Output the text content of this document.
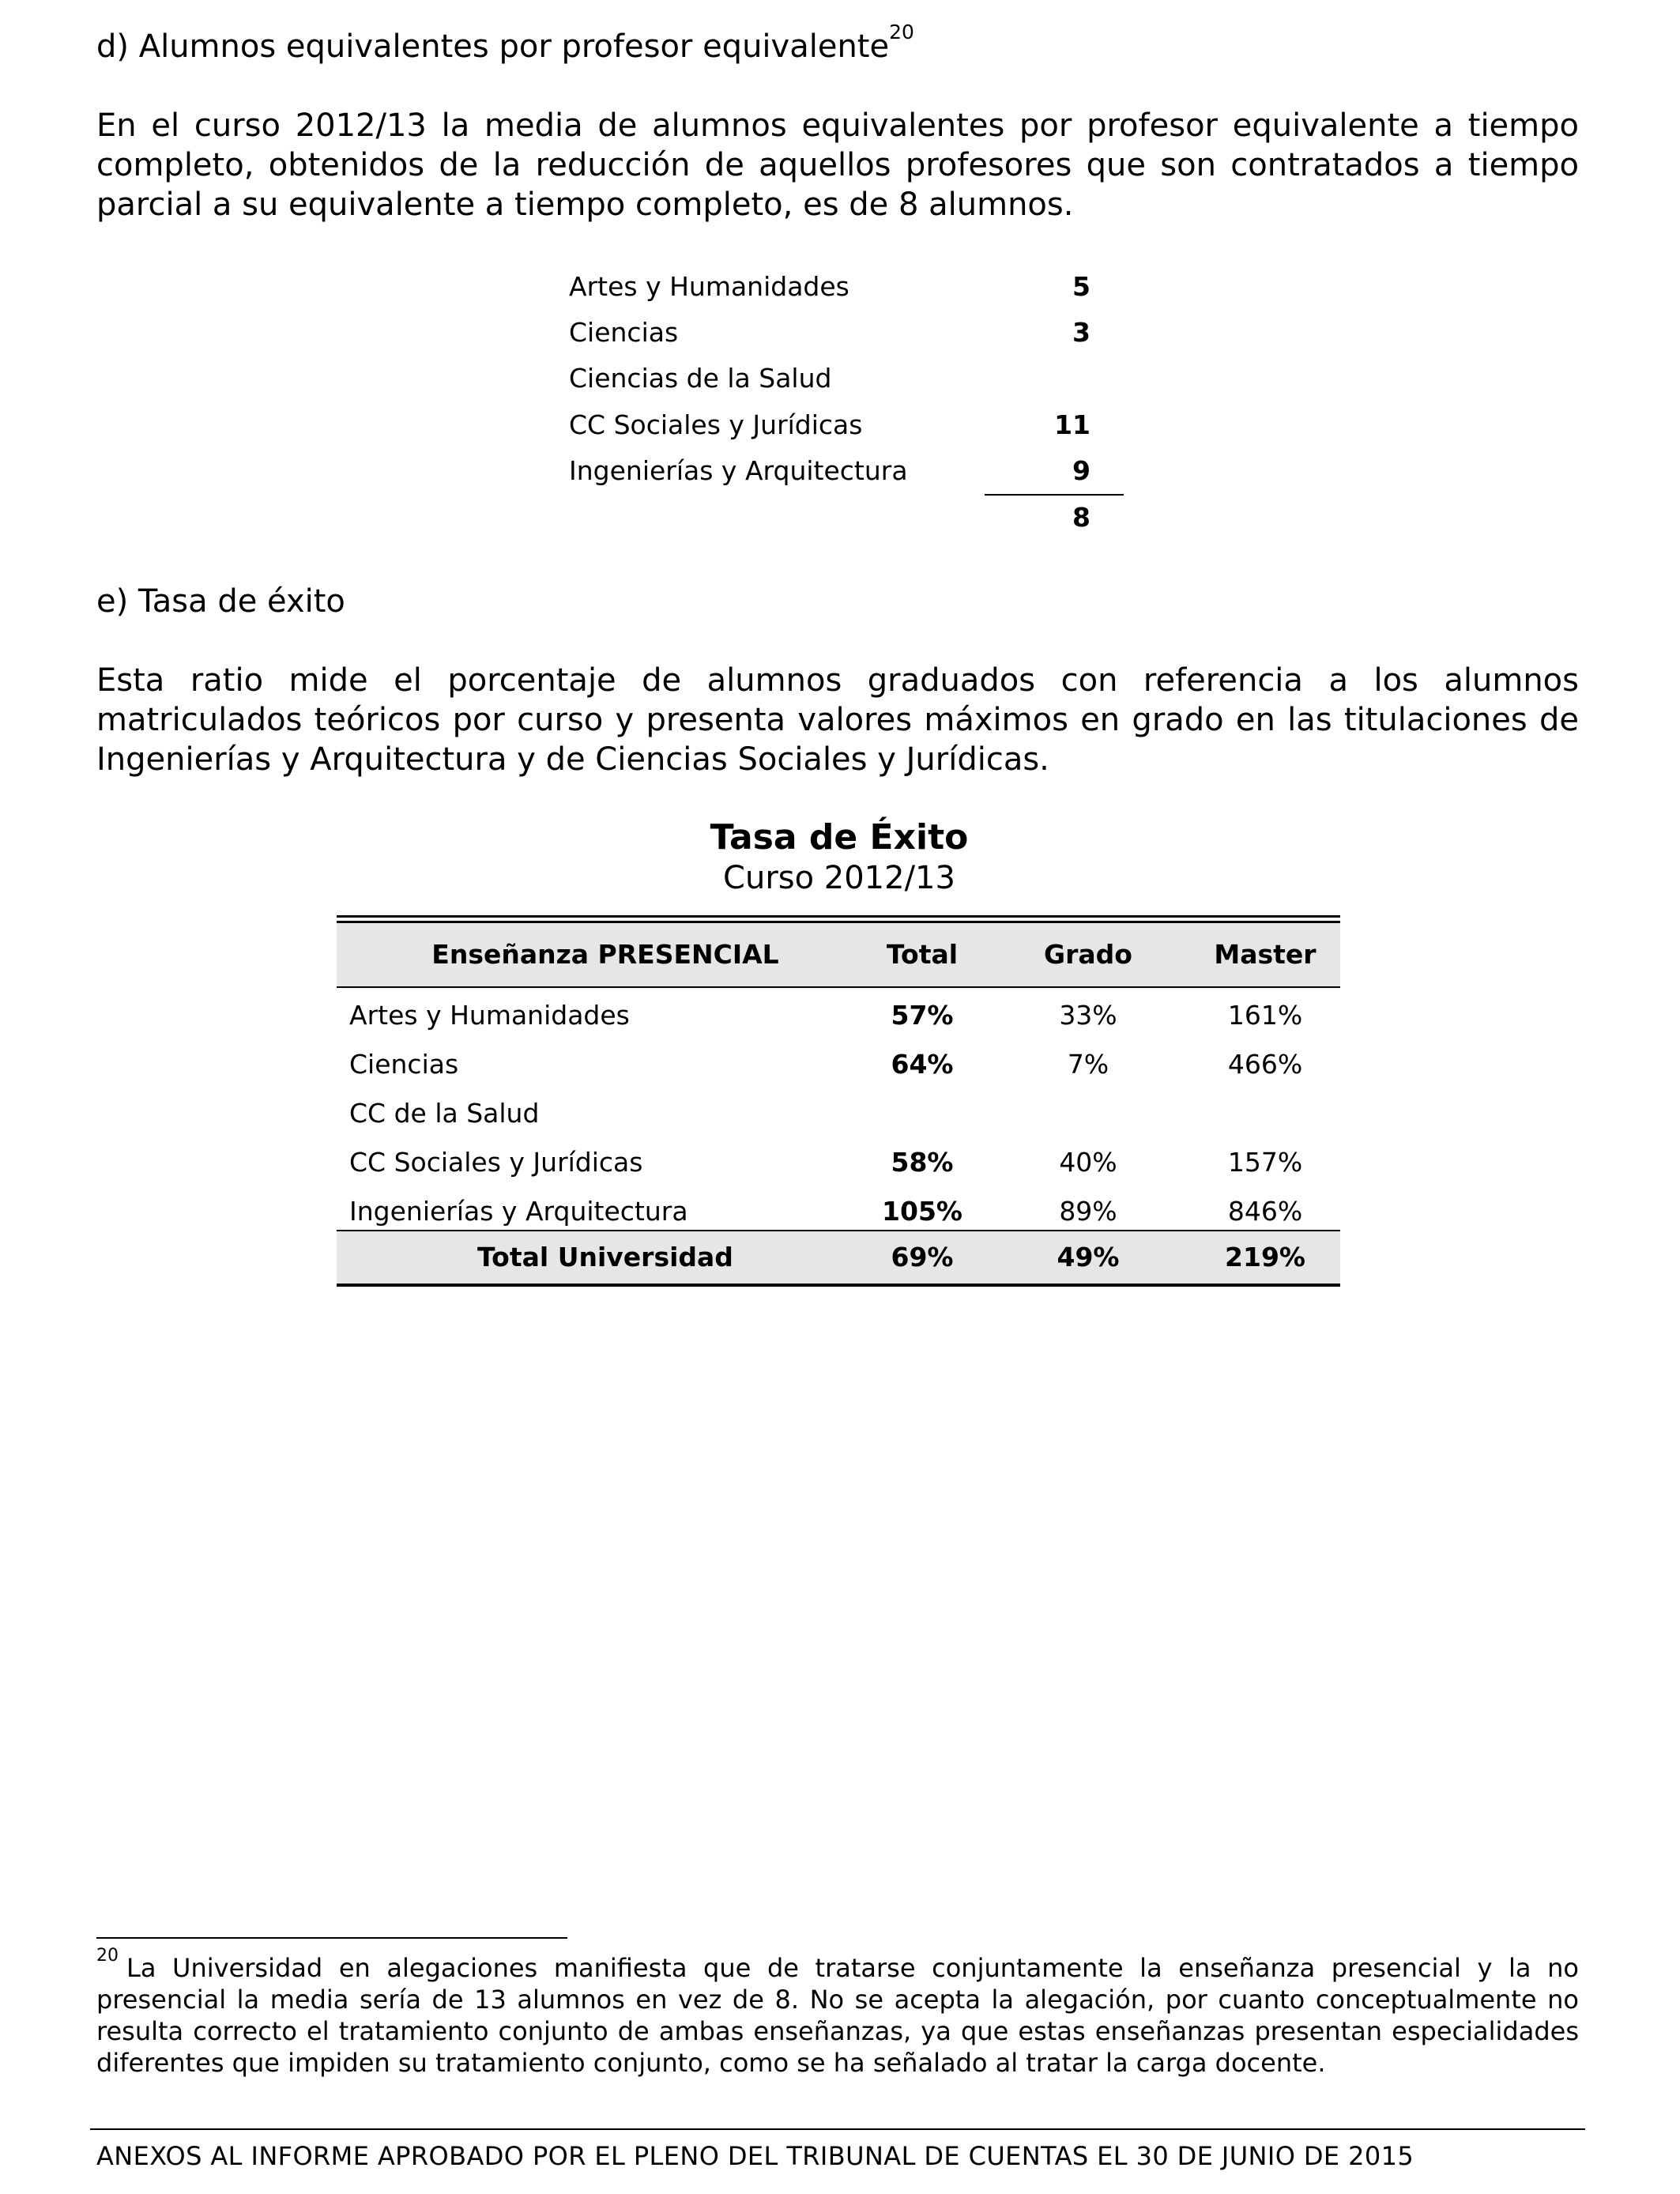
d) Alumnos equivalentes por profesor equivalente$^{20}$
En el curso 2012/13 la media de alumnos equivalentes por profesor equivalente a tiempo completo, obtenidos de la reducción de aquellos profesores que son contratados a tiempo parcial a su equivalente a tiempo completo, es de 8 alumnos.
Artes y Humanidades	5
Ciencias	3
Ciencias de la Salud
CC Sociales y Jurídicas	11
Ingenierías y Arquitectura	9
8
e) Tasa de éxito
Esta ratio mide el porcentaje de alumnos graduados con referencia a los alumnos matriculados teóricos por curso y presenta valores máximos en grado en las titulaciones de Ingenierías y Arquitectura y de Ciencias Sociales y Jurídicas.
Tasa de Éxito
Curso 2012/13
Enseñanza PRESENCIAL	Total	Grado	Master
Artes y Humanidades	57%	33%	161%
Ciencias	64%	7%	466%
CC de la Salud
CC Sociales y Jurídicas	58%	40%	157%
Ingenierías y Arquitectura	105%	89%	846%
Total Universidad	69%	49%	219%
$^{20}$ La Universidad en alegaciones manifiesta que de tratarse conjuntamente la enseñanza presencial y la no presencial la media sería de 13 alumnos en vez de 8. No se acepta la alegación, por cuanto conceptualmente no resulta correcto el tratamiento conjunto de ambas enseñanzas, ya que estas enseñanzas presentan especialidades diferentes que impiden su tratamiento conjunto, como se ha señalado al tratar la carga docente.
ANEXOS AL INFORME APROBADO POR EL PLENO DEL TRIBUNAL DE CUENTAS EL 30 DE JUNIO DE 2015
